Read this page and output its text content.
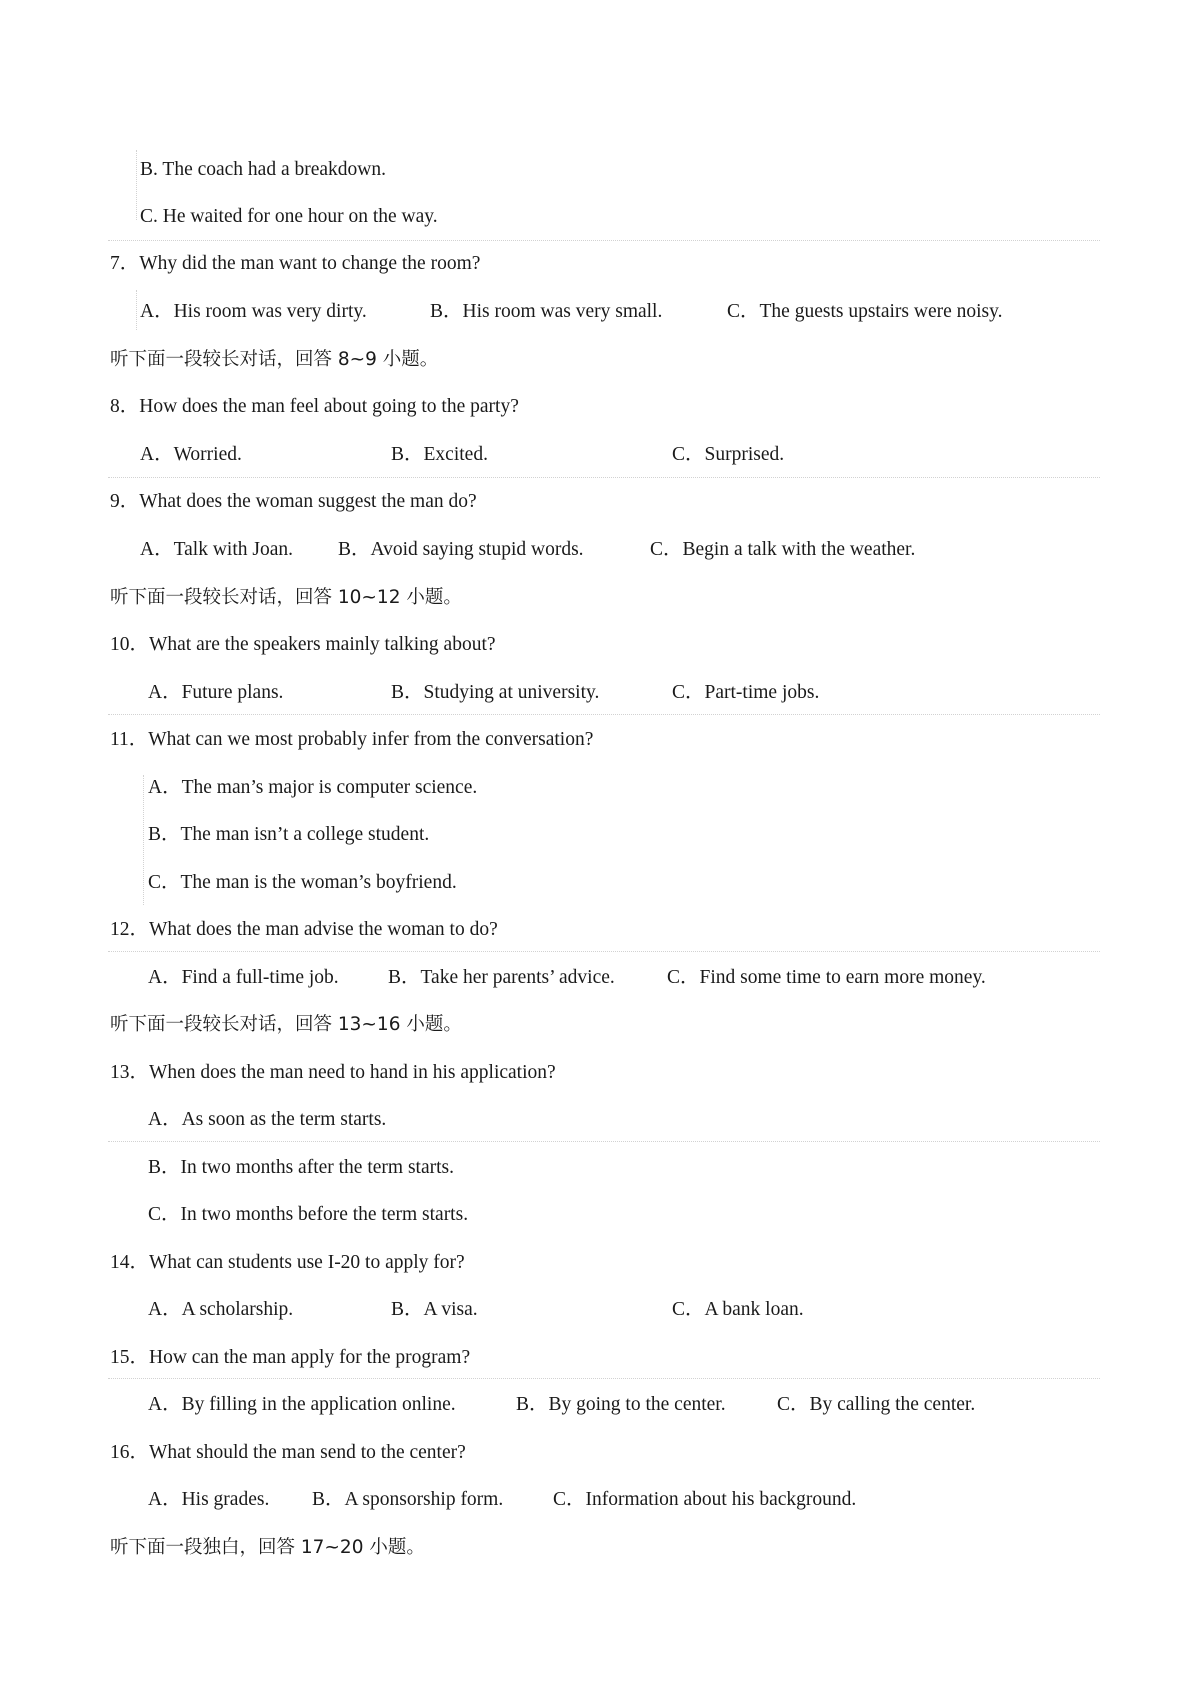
B. The coach had a breakdown.
C. He waited for one hour on the way.
7．Why did the man want to change the room?
A．His room was very dirty.	B．His room was very small.	C．The guests upstairs were noisy.
听下面一段较长对话，回答 8~9 小题。
8．How does the man feel about going to the party?
A．Worried.	B．Excited.	C．Surprised.
9．What does the woman suggest the man do?
A．Talk with Joan. B．Avoid saying stupid words.	C．Begin a talk with the weather.
听下面一段较长对话，回答 10~12 小题。
10．What are the speakers mainly talking about?
A．Future plans.	B．Studying at university.	C．Part-time jobs.
11．What can we most probably infer from the conversation?
A．The man’s major is computer science.
B．The man isn’t a college student.
C．The man is the woman’s boyfriend.
12．What does the man advise the woman to do?
A．Find a full-time job.	B．Take her parents’ advice.	C．Find some time to earn more money.
听下面一段较长对话，回答 13~16 小题。
13．When does the man need to hand in his application?
A．As soon as the term starts.
B．In two months after the term starts.
C．In two months before the term starts.
14．What can students use I-20 to apply for?
A．A scholarship.	B．A visa.	C．A bank loan.
15．How can the man apply for the program?
A．By filling in the application online.	B．By going to the center.	C．By calling the center.
16．What should the man send to the center?
A．His grades. B．A sponsorship form.	C．Information about his background.
听下面一段独白，回答 17~20 小题。
